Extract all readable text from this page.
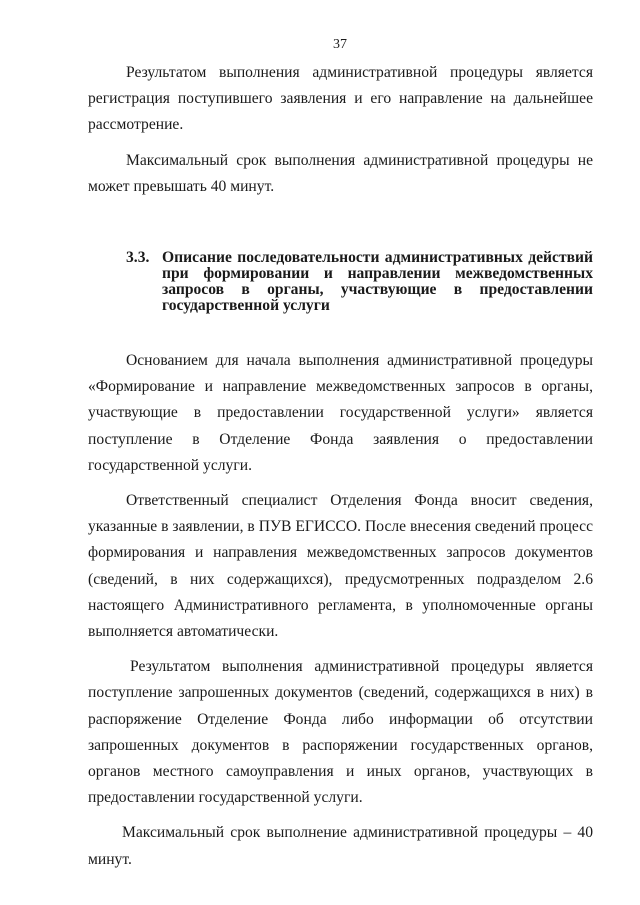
37

Результатом выполнения административной процедуры является регистрация поступившего заявления и его направление на дальнейшее рассмотрение.

Максимальный срок выполнения административной процедуры не может превышать 40 минут.

3.3. Описание последовательности административных действий при формировании и направлении межведомственных запросов в органы, участвующие в предоставлении государственной услуги

Основанием для начала выполнения административной процедуры «Формирование и направление межведомственных запросов в органы, участвующие в предоставлении государственной услуги» является поступление в Отделение Фонда заявления о предоставлении государственной услуги.

Ответственный специалист Отделения Фонда вносит сведения, указанные в заявлении, в ПУВ ЕГИССО. После внесения сведений процесс формирования и направления межведомственных запросов документов (сведений, в них содержащихся), предусмотренных подразделом 2.6 настоящего Административного регламента, в уполномоченные органы выполняется автоматически.

Результатом выполнения административной процедуры является поступление запрошенных документов (сведений, содержащихся в них) в распоряжение Отделение Фонда либо информации об отсутствии запрошенных документов в распоряжении государственных органов, органов местного самоуправления и иных органов, участвующих в предоставлении государственной услуги.

Максимальный срок выполнение административной процедуры – 40 минут.
